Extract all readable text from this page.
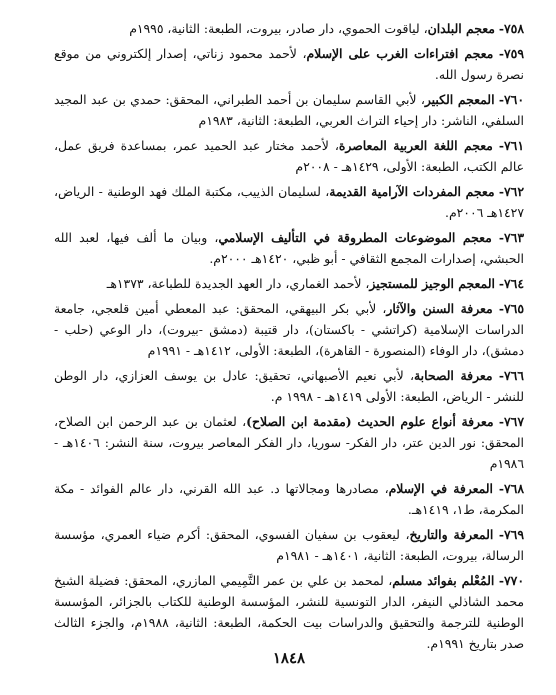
٧٥٨- معجم البلدان، لياقوت الحموي، دار صادر، بيروت، الطبعة: الثانية، ١٩٩٥م

٧٥٩- معجم افتراءات الغرب على الإسلام، لأحمد محمود زناتي، إصدار إلكتروني من موقع نصرة رسول الله.

٧٦٠- المعجم الكبير، لأبي القاسم سليمان بن أحمد الطبراني، المحقق: حمدي بن عبد المجيد السلفي، الناشر: دار إحياء التراث العربي، الطبعة: الثانية، ١٩٨٣م

٧٦١- معجم اللغة العربية المعاصرة، لأحمد مختار عبد الحميد عمر، بمساعدة فريق عمل، عالم الكتب، الطبعة: الأولى، ١٤٢٩هـ - ٢٠٠٨م

٧٦٢- معجم المفردات الآرامية القديمة، لسليمان الذييب، مكتبة الملك فهد الوطنية - الرياض، ١٤٢٧هـ ٢٠٠٦م.

٧٦٣- معجم الموضوعات المطروقة في التأليف الإسلامي، وبيان ما ألف فيها، لعبد الله الحبشي، إصدارات المجمع الثقافي - أبو ظبي، ١٤٢٠هـ ٢٠٠٠م.

٧٦٤- المعجم الوجيز للمستجيز، لأحمد الغماري، دار العهد الجديدة للطباعة، ١٣٧٣هـ

٧٦٥- معرفة السنن والآثار، لأبي بكر البيهقي، المحقق: عبد المعطي أمين قلعجي، جامعة الدراسات الإسلامية (كراتشي - باكستان)، دار قتيبة (دمشق -بيروت)، دار الوعي (حلب - دمشق)، دار الوفاء (المنصورة - القاهرة)، الطبعة: الأولى، ١٤١٢هـ - ١٩٩١م

٧٦٦- معرفة الصحابة، لأبي نعيم الأصبهاني، تحقيق: عادل بن يوسف العزازي، دار الوطن للنشر - الرياض، الطبعة: الأولى ١٤١٩هـ - ١٩٩٨ م.

٧٦٧- معرفة أنواع علوم الحديث (مقدمة ابن الصلاح)، لعثمان بن عبد الرحمن ابن الصلاح، المحقق: نور الدين عتر، دار الفكر- سوريا، دار الفكر المعاصر بيروت، سنة النشر: ١٤٠٦هـ - ١٩٨٦م

٧٦٨- المعرفة في الإسلام، مصادرها ومجالاتها د. عبد الله القرني، دار عالم الفوائد - مكة المكرمة، ط١، ١٤١٩هـ.

٧٦٩- المعرفة والتاريخ، ليعقوب بن سفيان الفسوي، المحقق: أكرم ضياء العمري، مؤسسة الرسالة، بيروت، الطبعة: الثانية، ١٤٠١هـ - ١٩٨١م

٧٧٠- المُعْلم بفوائد مسلم، لمحمد بن علي بن عمر التَّمِيمي المازري، المحقق: فضيلة الشيخ محمد الشاذلي النيفر، الدار التونسية للنشر، المؤسسة الوطنية للكتاب بالجزائر، المؤسسة الوطنية للترجمة والتحقيق والدراسات بيت الحكمة، الطبعة: الثانية، ١٩٨٨م، والجزء الثالث صدر بتاريخ ١٩٩١م.

١٨٤٨
